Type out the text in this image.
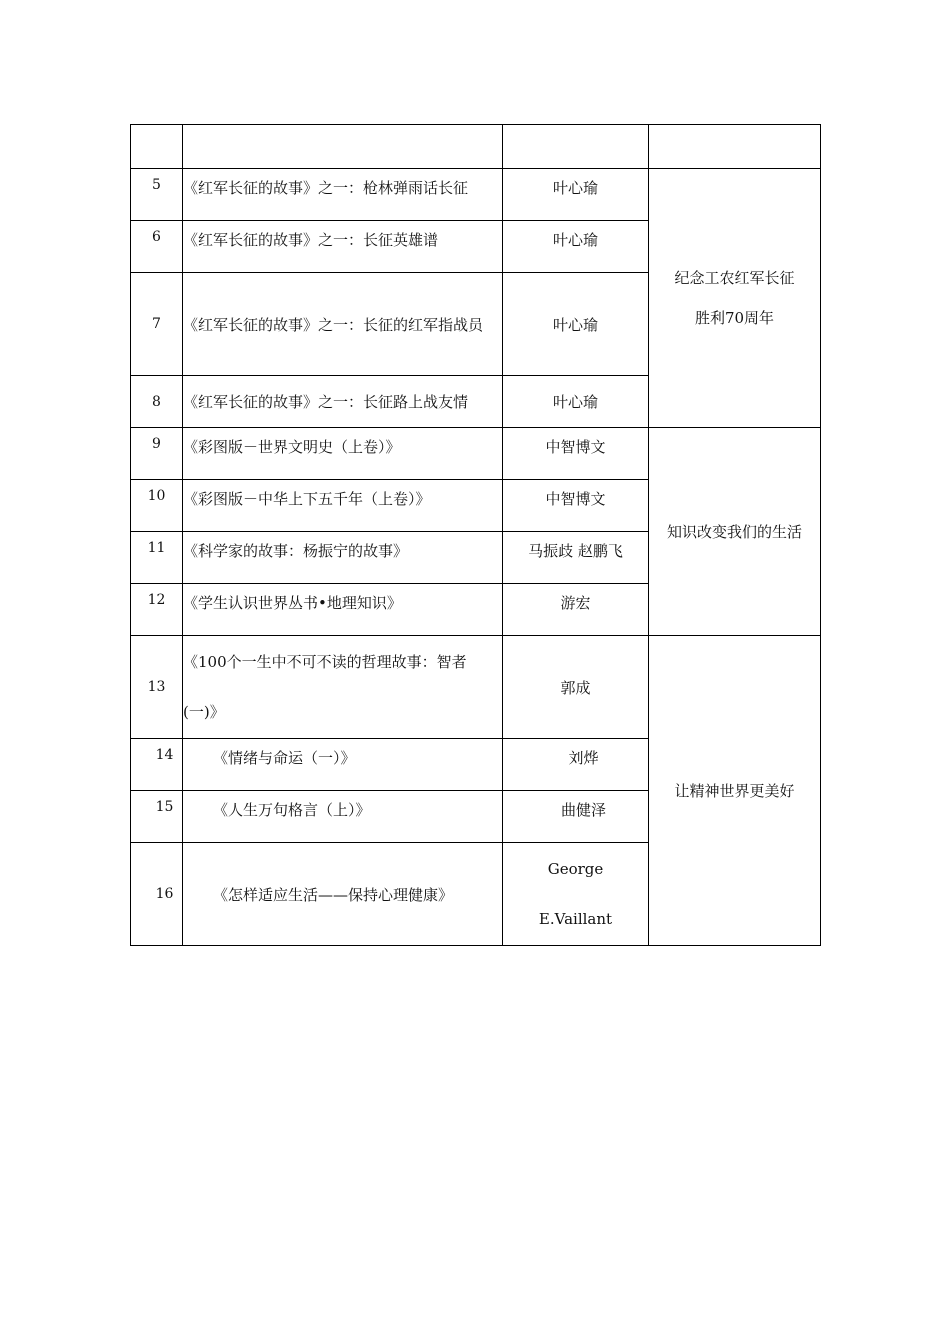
5	《红军长征的故事》之一：枪林弹雨话长征	叶心瑜	纪念工农红军长征
胜利70周年

6	《红军长征的故事》之一：长征英雄谱	叶心瑜	
7	《红军长征的故事》之一：长征的红军指战员	叶心瑜	
8	《红军长征的故事》之一：长征路上战友情	叶心瑜	
9	《彩图版－世界文明史（上卷）》	中智博文	知识改变我们的生活
10	《彩图版－中华上下五千年（上卷）》	中智博文	
11	《科学家的故事：杨振宁的故事》	马振歧 赵鹏飞	
12	《学生认识世界丛书•地理知识》	游宏	
13	《100个一生中不可不读的哲理故事：智者
(一)》	郭成	让精神世界更美好
14	《情绪与命运（一）》	刘烨	
15	《人生万句格言（上）》	曲健泽	
16	《怎样适应生活——保持心理健康》	George
E.Vaillant	
